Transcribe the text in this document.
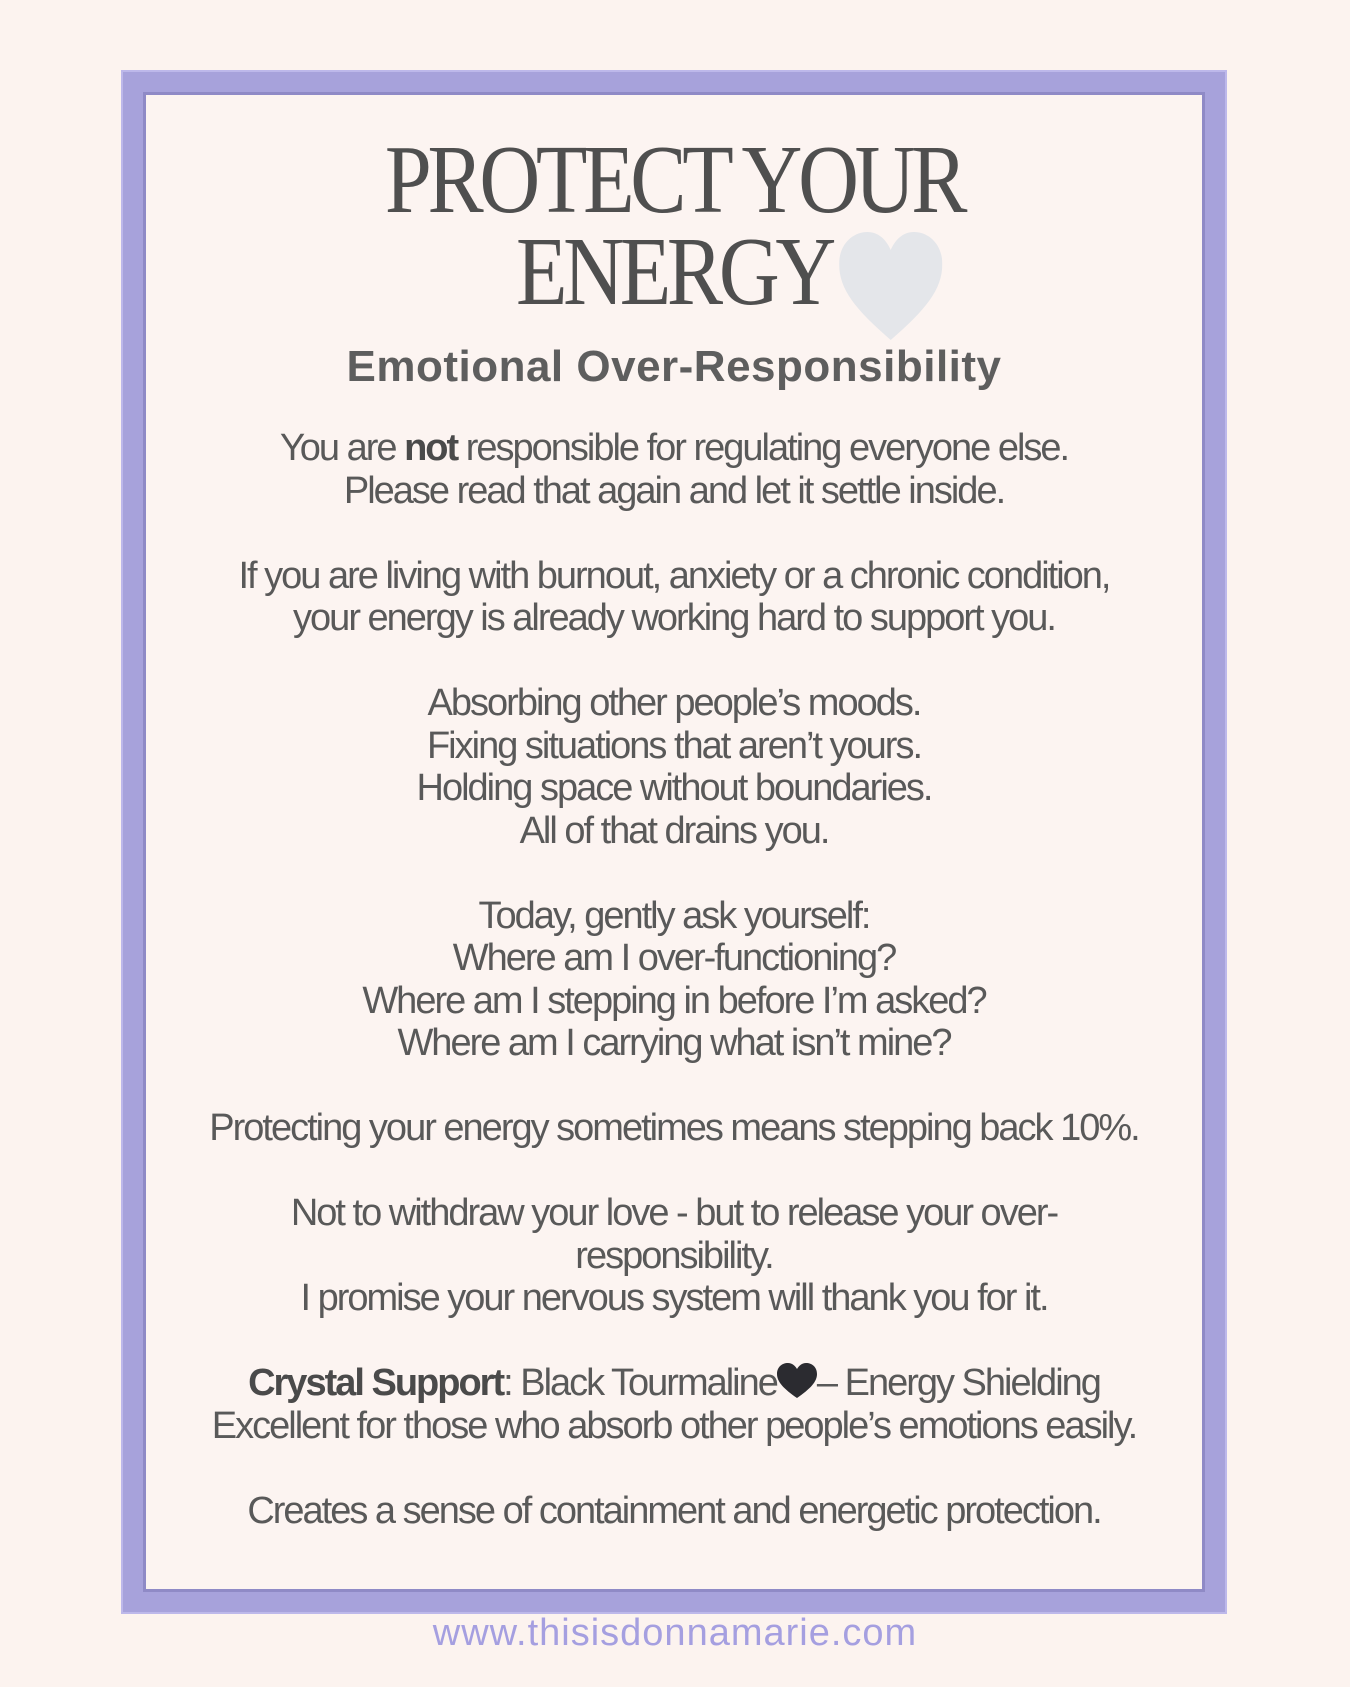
PROTECT YOUR
ENERGY
Emotional Over-Responsibility
You are not responsible for regulating everyone else.
Please read that again and let it settle inside.
If you are living with burnout, anxiety or a chronic condition,
your energy is already working hard to support you.
Absorbing other people’s moods.
Fixing situations that aren’t yours.
Holding space without boundaries.
All of that drains you.
Today, gently ask yourself:
Where am I over-functioning?
Where am I stepping in before I’m asked?
Where am I carrying what isn’t mine?
Protecting your energy sometimes means stepping back 10%.
Not to withdraw your love - but to release your over-
responsibility.
I promise your nervous system will thank you for it.
Crystal Support: Black Tourmaline – Energy Shielding
Excellent for those who absorb other people’s emotions easily.
Creates a sense of containment and energetic protection.
www.thisisdonnamarie.com
